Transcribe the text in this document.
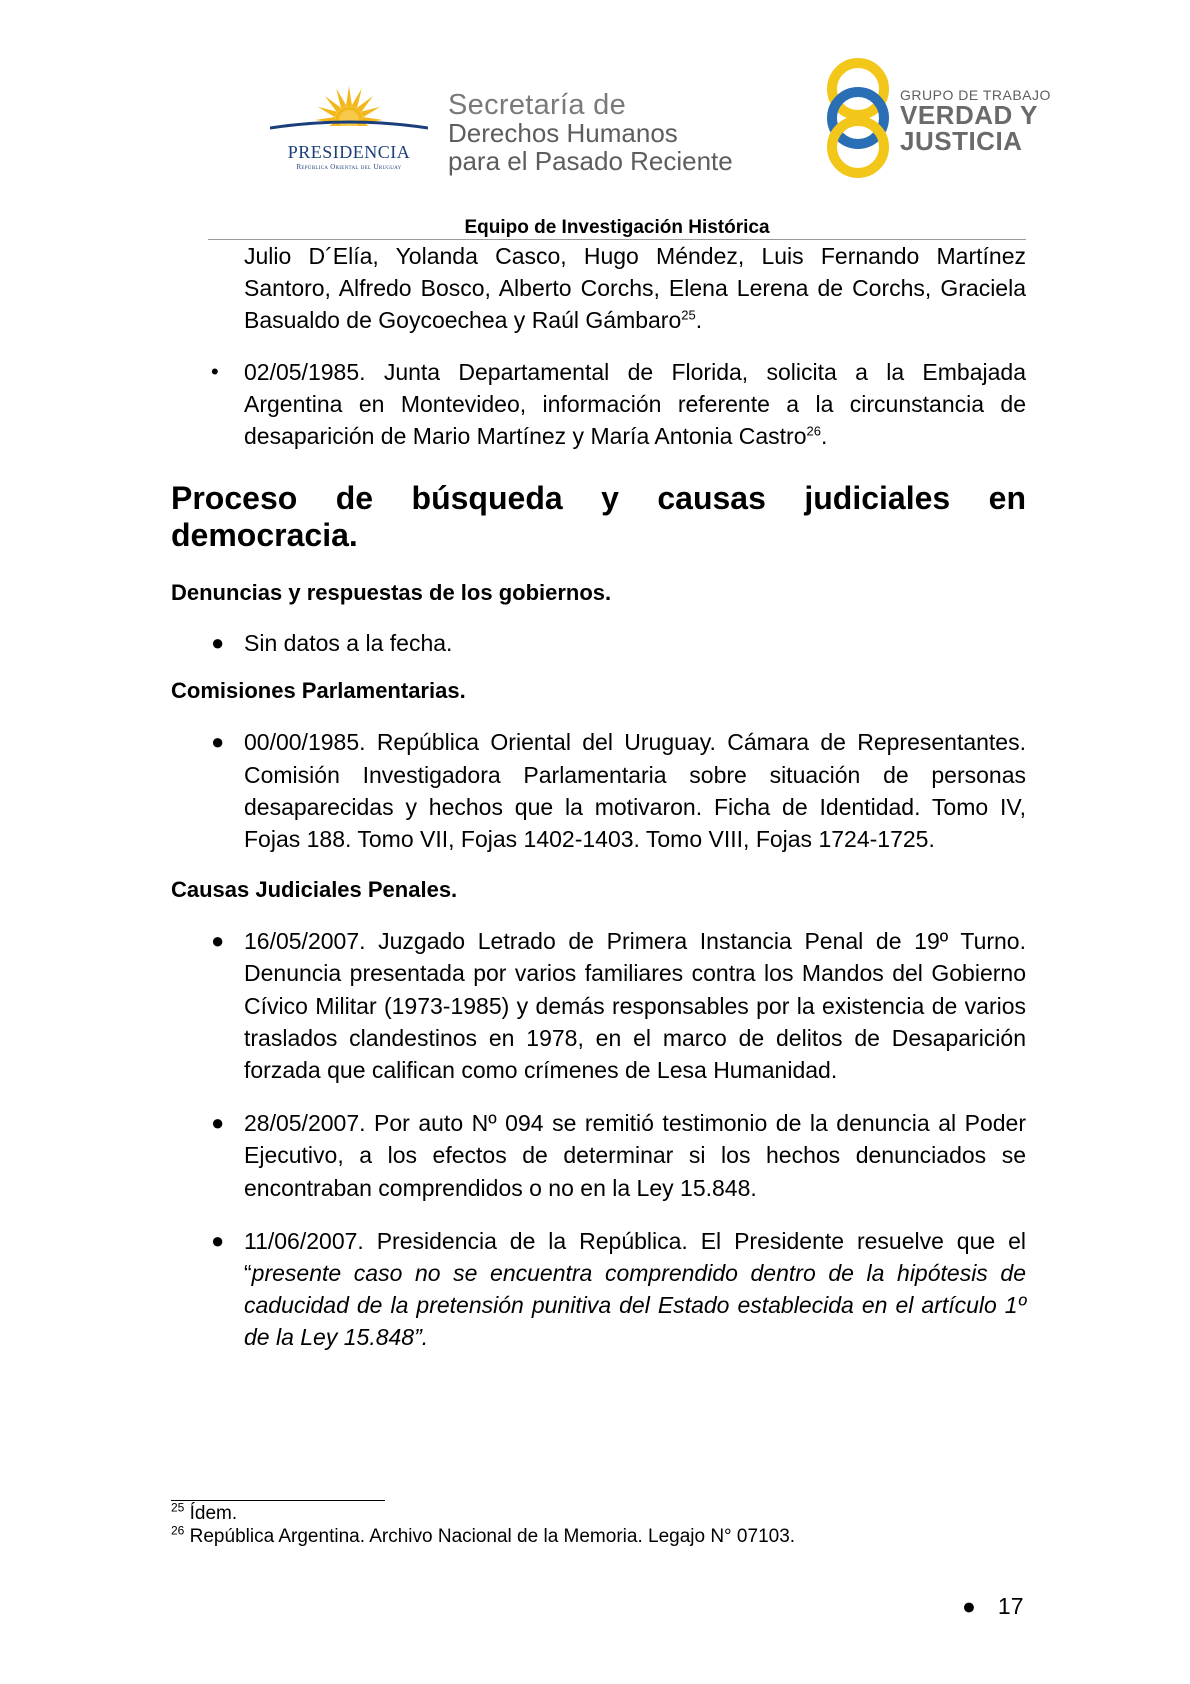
PRESIDENCIA
República Oriental del Uruguay
Secretaría de
Derechos Humanos
para el Pasado Reciente
GRUPO DE TRABAJO
VERDAD Y
JUSTICIA
Equipo de Investigación Histórica
Julio D´Elía, Yolanda Casco, Hugo Méndez, Luis Fernando Martínez Santoro, Alfredo Bosco, Alberto Corchs, Elena Lerena de Corchs, Graciela Basualdo de Goycoechea y Raúl Gámbaro$^{25}$.
• 02/05/1985. Junta Departamental de Florida, solicita a la Embajada Argentina en Montevideo, información referente a la circunstancia de desaparición de Mario Martínez y María Antonia Castro$^{26}$.
Proceso de búsqueda y causas judiciales en
democracia.
Denuncias y respuestas de los gobiernos.
● Sin datos a la fecha.
Comisiones Parlamentarias.
● 00/00/1985. República Oriental del Uruguay. Cámara de Representantes. Comisión Investigadora Parlamentaria sobre situación de personas desaparecidas y hechos que la motivaron. Ficha de Identidad. Tomo IV, Fojas 188. Tomo VII, Fojas 1402-1403. Tomo VIII, Fojas 1724-1725.
Causas Judiciales Penales.
● 16/05/2007. Juzgado Letrado de Primera Instancia Penal de 19º Turno. Denuncia presentada por varios familiares contra los Mandos del Gobierno Cívico Militar (1973-1985) y demás responsables por la existencia de varios traslados clandestinos en 1978, en el marco de delitos de Desaparición forzada que califican como crímenes de Lesa Humanidad.
● 28/05/2007. Por auto Nº 094 se remitió testimonio de la denuncia al Poder Ejecutivo, a los efectos de determinar si los hechos denunciados se encontraban comprendidos o no en la Ley 15.848.
● 11/06/2007. Presidencia de la República. El Presidente resuelve que el “presente caso no se encuentra comprendido dentro de la hipótesis de caducidad de la pretensión punitiva del Estado establecida en el artículo 1º de la Ley 15.848”.
$^{25}$ Ídem.
$^{26}$ República Argentina. Archivo Nacional de la Memoria. Legajo N° 07103.
● 17
